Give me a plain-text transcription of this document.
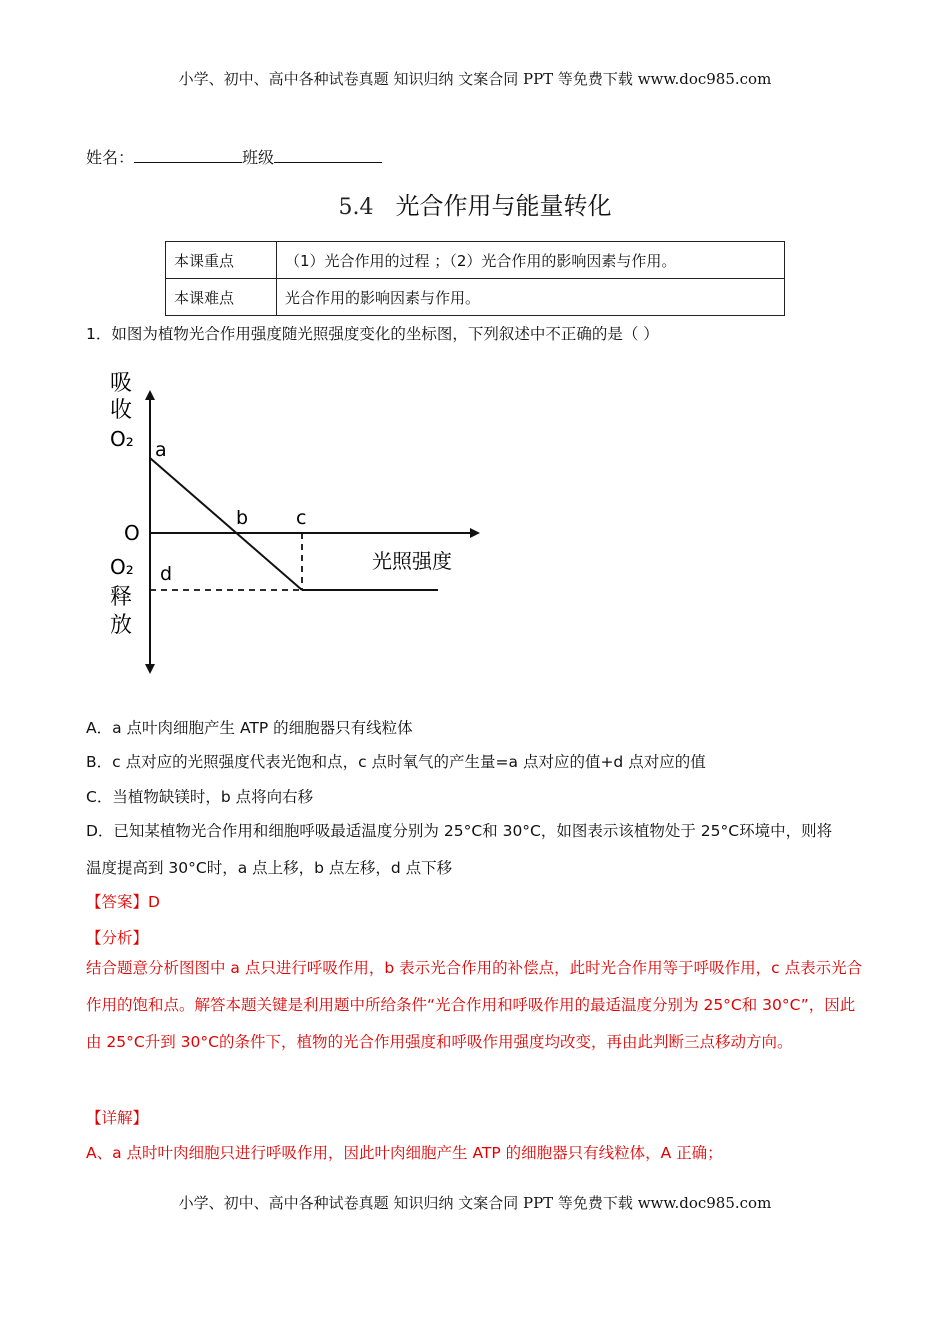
小学、初中、高中各种试卷真题 知识归纳 文案合同 PPT 等免费下载 www.doc985.com
姓名：	班级
5.4 光合作用与能量转化
本课重点	（1）光合作用的过程 ；（2）光合作用的影响因素与作用。
本课难点	光合作用的影响因素与作用。
1．如图为植物光合作用强度随光照强度变化的坐标图，下列叙述中不正确的是（ ）
吸
收
O₂
O
O₂
释
放
a
b	c
d
光照强度
A．a 点叶肉细胞产生 ATP 的细胞器只有线粒体
B．c 点对应的光照强度代表光饱和点，c 点时氧气的产生量=a 点对应的值+d 点对应的值
C．当植物缺镁时，b 点将向右移
D．已知某植物光合作用和细胞呼吸最适温度分别为 25°C和 30°C，如图表示该植物处于 25°C环境中，则将
温度提高到 30°C时，a 点上移，b 点左移，d 点下移
【答案】D
【分析】
结合题意分析图图中 a 点只进行呼吸作用，b 表示光合作用的补偿点，此时光合作用等于呼吸作用，c 点表示光合作用的饱和点。解答本题关键是利用题中所给条件“光合作用和呼吸作用的最适温度分别为 25°C和 30°C”，因此由 25°C升到 30°C的条件下，植物的光合作用强度和呼吸作用强度均改变，再由此判断三点移动方向。
【详解】
A、a 点时叶肉细胞只进行呼吸作用，因此叶肉细胞产生 ATP 的细胞器只有线粒体，A 正确；
小学、初中、高中各种试卷真题 知识归纳 文案合同 PPT 等免费下载 www.doc985.com
